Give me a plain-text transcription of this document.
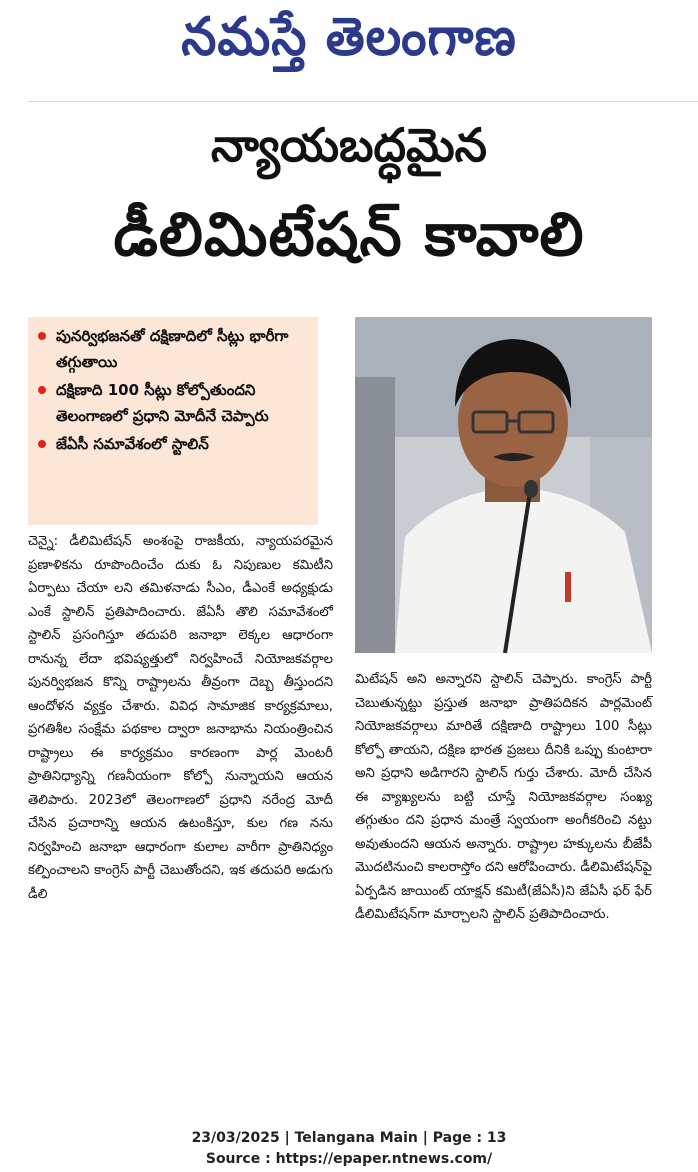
నమస్తే తెలంగాణ
న్యాయబద్ధమైన
డీలిమిటేషన్ కావాలి
పునర్విభజనతో దక్షిణాదిలో సీట్లు భారీగా తగ్గుతాయి
దక్షిణాది 100 సీట్లు కోల్పోతుందని తెలంగాణలో ప్రధాని మోదీనే చెప్పారు
జేఏసీ సమావేశంలో స్టాలిన్
చెన్నై: డీలిమిటేషన్ అంశంపై రాజకీయ, న్యాయపరమైన ప్రణాళికను రూపొందించేం దుకు ఓ నిపుణుల కమిటీని ఏర్పాటు చేయా లని తమిళనాడు సీఎం, డీఎంకే అధ్యక్షుడు ఎంకే స్టాలిన్ ప్రతిపాదించారు. జేఏసీ తొలి సమావేశంలో స్టాలిన్ ప్రసంగిస్తూ తదుపరి జనాభా లెక్కల ఆధారంగా రానున్న లేదా భవిష్యత్తులో నిర్వహించే నియోజకవర్గాల పునర్విభజన కొన్ని రాష్ట్రాలను తీవ్రంగా దెబ్బ తీస్తుందని ఆందోళన వ్యక్తం చేశారు. వివిధ సామాజిక కార్యక్రమాలు, ప్రగతిశీల సంక్షేమ పథకాల ద్వారా జనాభాను నియంత్రించిన రాష్ట్రాలు ఈ కార్యక్రమం కారణంగా పార్ల మెంటరీ ప్రాతినిధ్యాన్ని గణనీయంగా కోల్పో నున్నాయని ఆయన తెలిపారు. 2023లో తెలంగాణలో ప్రధాని నరేంద్ర మోదీ చేసిన ప్రచారాన్ని ఆయన ఉటంకిస్తూ, కుల గణ నను నిర్వహించి జనాభా ఆధారంగా కులాల వారీగా ప్రాతినిధ్యం కల్పించాలని కాంగ్రెస్ పార్టీ చెబుతోందని, ఇక తదుపరి అడుగు డీలి
మిటేషన్ అని అన్నారని స్టాలిన్ చెప్పారు. కాంగ్రెస్ పార్టీ చెబుతున్నట్టు ప్రస్తుత జనాభా ప్రాతిపదికన పార్లమెంట్ నియోజకవర్గాలు మారితే దక్షిణాది రాష్ట్రాలు 100 సీట్లు కోల్పో తాయని, దక్షిణ భారత ప్రజలు దీనికి ఒప్పు కుంటారా అని ప్రధాని అడిగారని స్టాలిన్ గుర్తు చేశారు. మోదీ చేసిన ఈ వ్యాఖ్యలను బట్టి చూస్తే నియోజకవర్గాల సంఖ్య తగ్గుతుం దని ప్రధాన మంత్రే స్వయంగా అంగీకరించి నట్టు అవుతుందని ఆయన అన్నారు. రాష్ట్రాల హక్కులను బీజేపీ మొదటినుంచి కాలరాస్తోం దని ఆరోపించారు. డీలిమిటేషన్‌పై ఏర్పడిన జాయింట్ యాక్షన్ కమిటీ(జేఏసీ)ని జేఏసీ ఫర్ ఫేర్ డీలిమిటేషన్‌గా మార్చాలని స్టాలిన్ ప్రతిపాదించారు.
23/03/2025 | Telangana Main | Page : 13
Source : https://epaper.ntnews.com/
